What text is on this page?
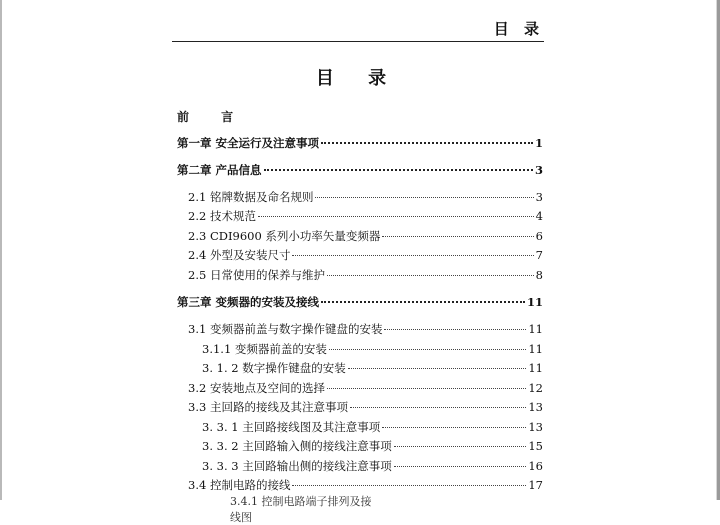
目 录
目 录
前 言
第一章 安全运行及注意事项	1
第二章 产品信息	3
2.1 铭牌数据及命名规则	3
2.2 技术规范	4
2.3 CDI9600 系列小功率矢量变频器	6
2.4 外型及安装尺寸	7
2.5 日常使用的保养与维护	8
第三章 变频器的安装及接线	11
3.1 变频器前盖与数字操作键盘的安装	11
3.1.1 变频器前盖的安装	11
3. 1. 2 数字操作键盘的安装	11
3.2 安装地点及空间的选择	12
3.3 主回路的接线及其注意事项	13
3. 3. 1 主回路接线图及其注意事项	13
3. 3. 2 主回路输入侧的接线注意事项	15
3. 3. 3 主回路输出侧的接线注意事项	16
3.4 控制电路的接线	17
3.4.1 控制电路端子排列及接线图
